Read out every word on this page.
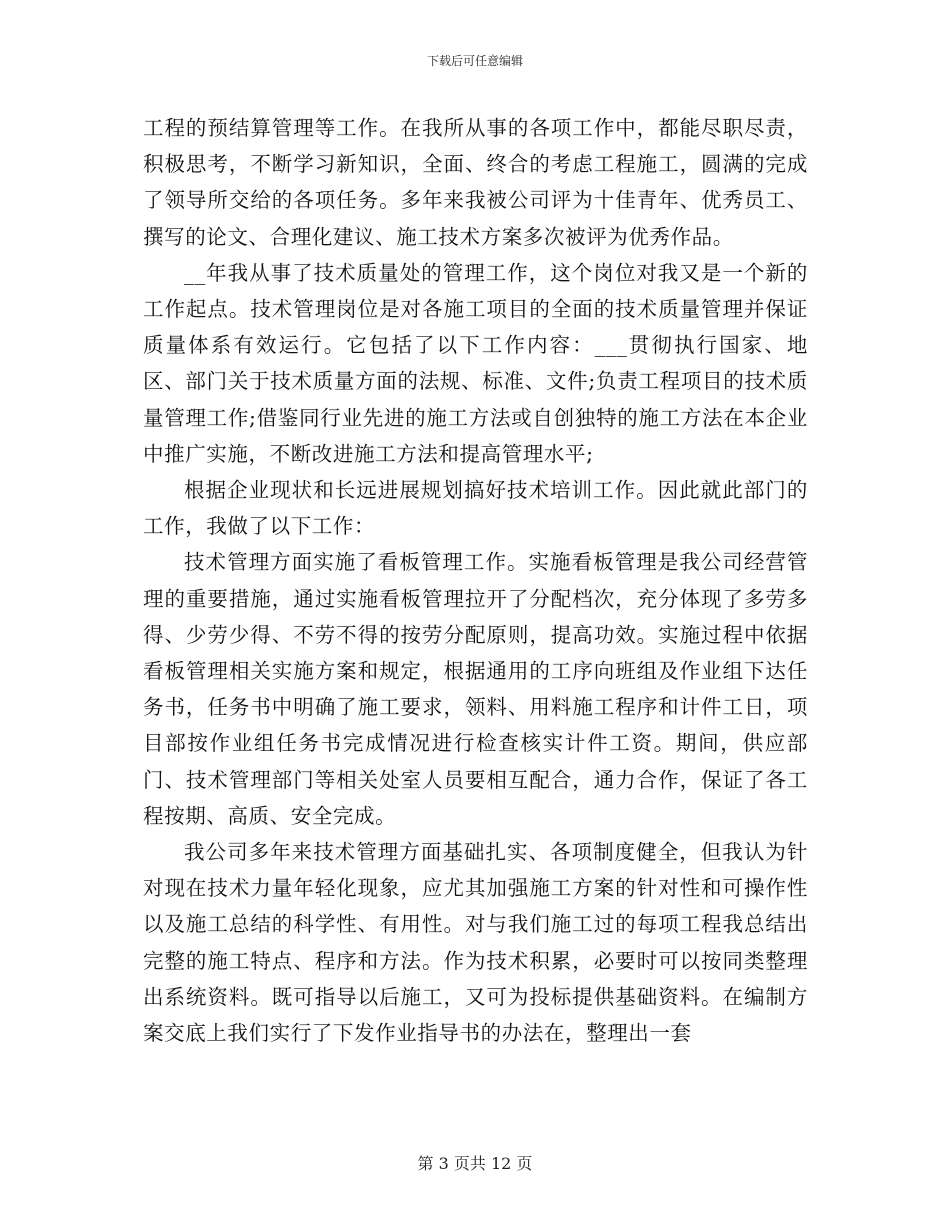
下载后可任意编辑

工程的预结算管理等工作。在我所从事的各项工作中，都能尽职尽责，积极思考，不断学习新知识，全面、终合的考虑工程施工，圆满的完成了领导所交给的各项任务。多年来我被公司评为十佳青年、优秀员工、撰写的论文、合理化建议、施工技术方案多次被评为优秀作品。

__年我从事了技术质量处的管理工作，这个岗位对我又是一个新的工作起点。技术管理岗位是对各施工项目的全面的技术质量管理并保证质量体系有效运行。它包括了以下工作内容：___贯彻执行国家、地区、部门关于技术质量方面的法规、标准、文件;负责工程项目的技术质量管理工作;借鉴同行业先进的施工方法或自创独特的施工方法在本企业中推广实施，不断改进施工方法和提高管理水平;

根据企业现状和长远进展规划搞好技术培训工作。因此就此部门的工作，我做了以下工作：

技术管理方面实施了看板管理工作。实施看板管理是我公司经营管理的重要措施，通过实施看板管理拉开了分配档次，充分体现了多劳多得、少劳少得、不劳不得的按劳分配原则，提高功效。实施过程中依据看板管理相关实施方案和规定，根据通用的工序向班组及作业组下达任务书，任务书中明确了施工要求，领料、用料施工程序和计件工日，项目部按作业组任务书完成情况进行检查核实计件工资。期间，供应部门、技术管理部门等相关处室人员要相互配合，通力合作，保证了各工程按期、高质、安全完成。

我公司多年来技术管理方面基础扎实、各项制度健全，但我认为针对现在技术力量年轻化现象，应尤其加强施工方案的针对性和可操作性以及施工总结的科学性、有用性。对与我们施工过的每项工程我总结出完整的施工特点、程序和方法。作为技术积累，必要时可以按同类整理出系统资料。既可指导以后施工，又可为投标提供基础资料。在编制方案交底上我们实行了下发作业指导书的办法在，整理出一套

第 3 页共 12 页
